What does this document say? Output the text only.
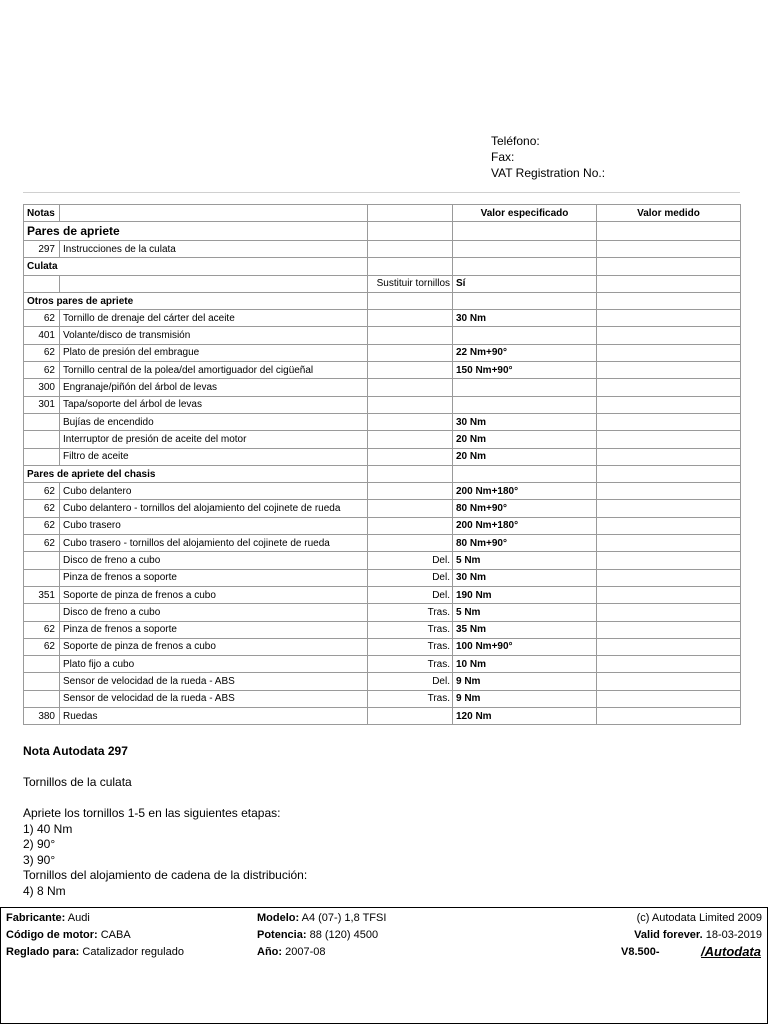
Teléfono:
Fax:
VAT Registration No.:
Notas			Valor especificado	Valor medido
Pares de apriete				
297	Instrucciones de la culata			
Culata				
		Sustituir tornillos	Sí	
Otros pares de apriete				
62	Tornillo de drenaje del cárter del aceite		30 Nm	
401	Volante/disco de transmisión			
62	Plato de presión del embrague		22 Nm+90°	
62	Tornillo central de la polea/del amortiguador del cigüeñal		150 Nm+90°	
300	Engranaje/piñón del árbol de levas			
301	Tapa/soporte del árbol de levas			
	Bujías de encendido		30 Nm	
	Interruptor de presión de aceite del motor		20 Nm	
	Filtro de aceite		20 Nm	
Pares de apriete del chasis				
62	Cubo delantero		200 Nm+180°	
62	Cubo delantero - tornillos del alojamiento del cojinete de rueda		80 Nm+90°	
62	Cubo trasero		200 Nm+180°	
62	Cubo trasero - tornillos del alojamiento del cojinete de rueda		80 Nm+90°	
	Disco de freno a cubo	Del.	5 Nm	
	Pinza de frenos a soporte	Del.	30 Nm	
351	Soporte de pinza de frenos a cubo	Del.	190 Nm	
	Disco de freno a cubo	Tras.	5 Nm	
62	Pinza de frenos a soporte	Tras.	35 Nm	
62	Soporte de pinza de frenos a cubo	Tras.	100 Nm+90°	
	Plato fijo a cubo	Tras.	10 Nm	
	Sensor de velocidad de la rueda - ABS	Del.	9 Nm	
	Sensor de velocidad de la rueda - ABS	Tras.	9 Nm	
380	Ruedas		120 Nm	
Nota Autodata 297
Tornillos de la culata
Apriete los tornillos 1-5 en las siguientes etapas:
1) 40 Nm
2) 90°
3) 90°
Tornillos del alojamiento de cadena de la distribución:
4) 8 Nm
Fabricante: Audi
Código de motor: CABA
Reglado para: Catalizador regulado
Modelo: A4 (07-) 1,8 TFSI
Potencia: 88 (120) 4500
Año: 2007-08
(c) Autodata Limited 2009
Valid forever. 18-03-2019
V8.500-	/Autodata
